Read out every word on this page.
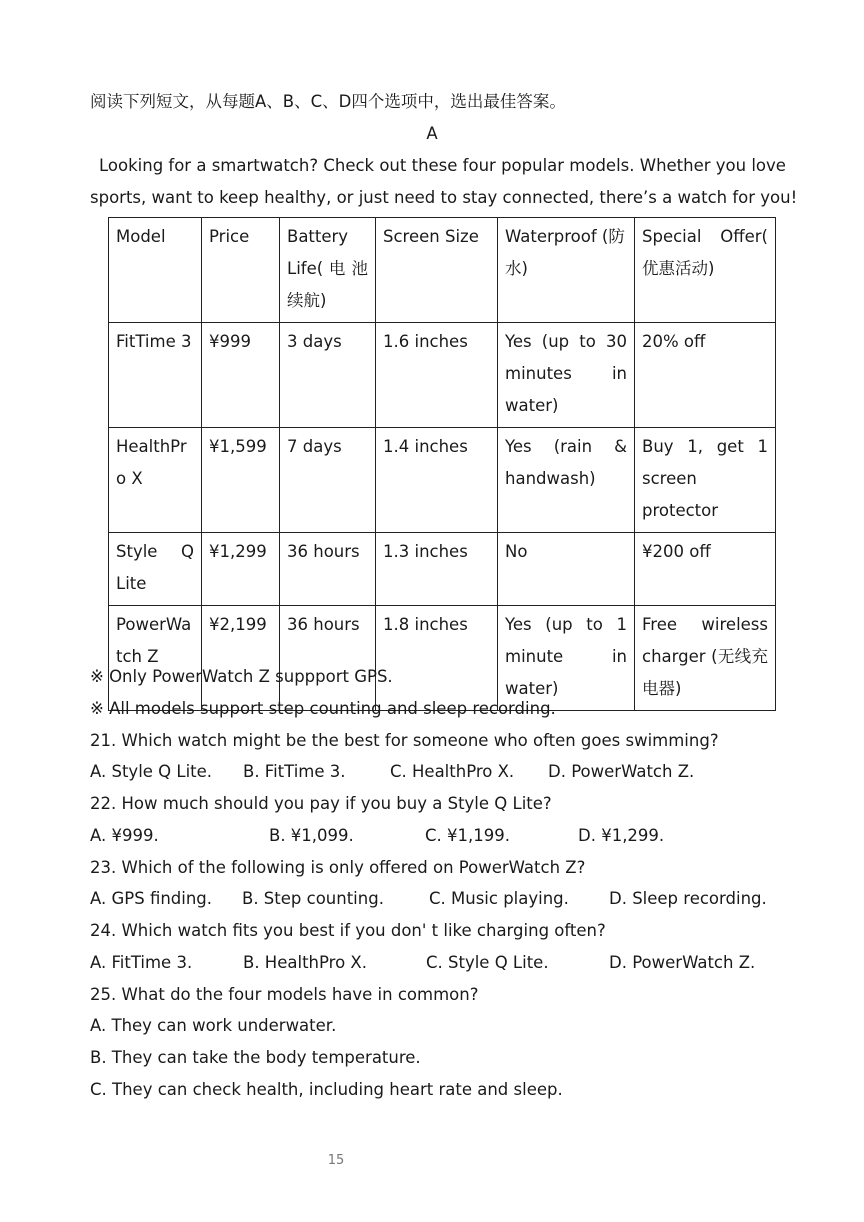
阅读下列短文，从每题A、B、C、D四个选项中，选出最佳答案。
A
Looking for a smartwatch? Check out these four popular models. Whether you love
sports, want to keep healthy, or just need to stay connected, there’s a watch for you!
Model	Price	Battery Life( 电 池 续航)	Screen Size	Waterproof (防水)	Special Offer( 优惠活动)
FitTime 3	¥999	3 days	1.6 inches	Yes (up to 30 minutes in water)	20% off
HealthPro X	¥1,599	7 days	1.4 inches	Yes (rain & handwash)	Buy 1, get 1 screen protector
Style Q Lite	¥1,299	36 hours	1.3 inches	No	¥200 off
PowerWatch Z	¥2,199	36 hours	1.8 inches	Yes (up to 1 minute in water)	Free wireless charger (无线充电器)
※ Only PowerWatch Z suppport GPS.
※ All models support step counting and sleep recording.
21. Which watch might be the best for someone who often goes swimming?
A. Style Q Lite. B. FitTime 3.	C. HealthPro X. D. PowerWatch Z.
22. How much should you pay if you buy a Style Q Lite?
A. ¥999.	B. ¥1,099.	C. ¥1,199.	D. ¥1,299.
23. Which of the following is only offered on PowerWatch Z?
A. GPS finding. B. Step counting.	C. Music playing. D. Sleep recording.
24. Which watch fits you best if you don' t like charging often?
A. FitTime 3.	B. HealthPro X.	C. Style Q Lite.	D. PowerWatch Z.
25. What do the four models have in common?
A. They can work underwater.
B. They can take the body temperature.
C. They can check health, including heart rate and sleep.
15
